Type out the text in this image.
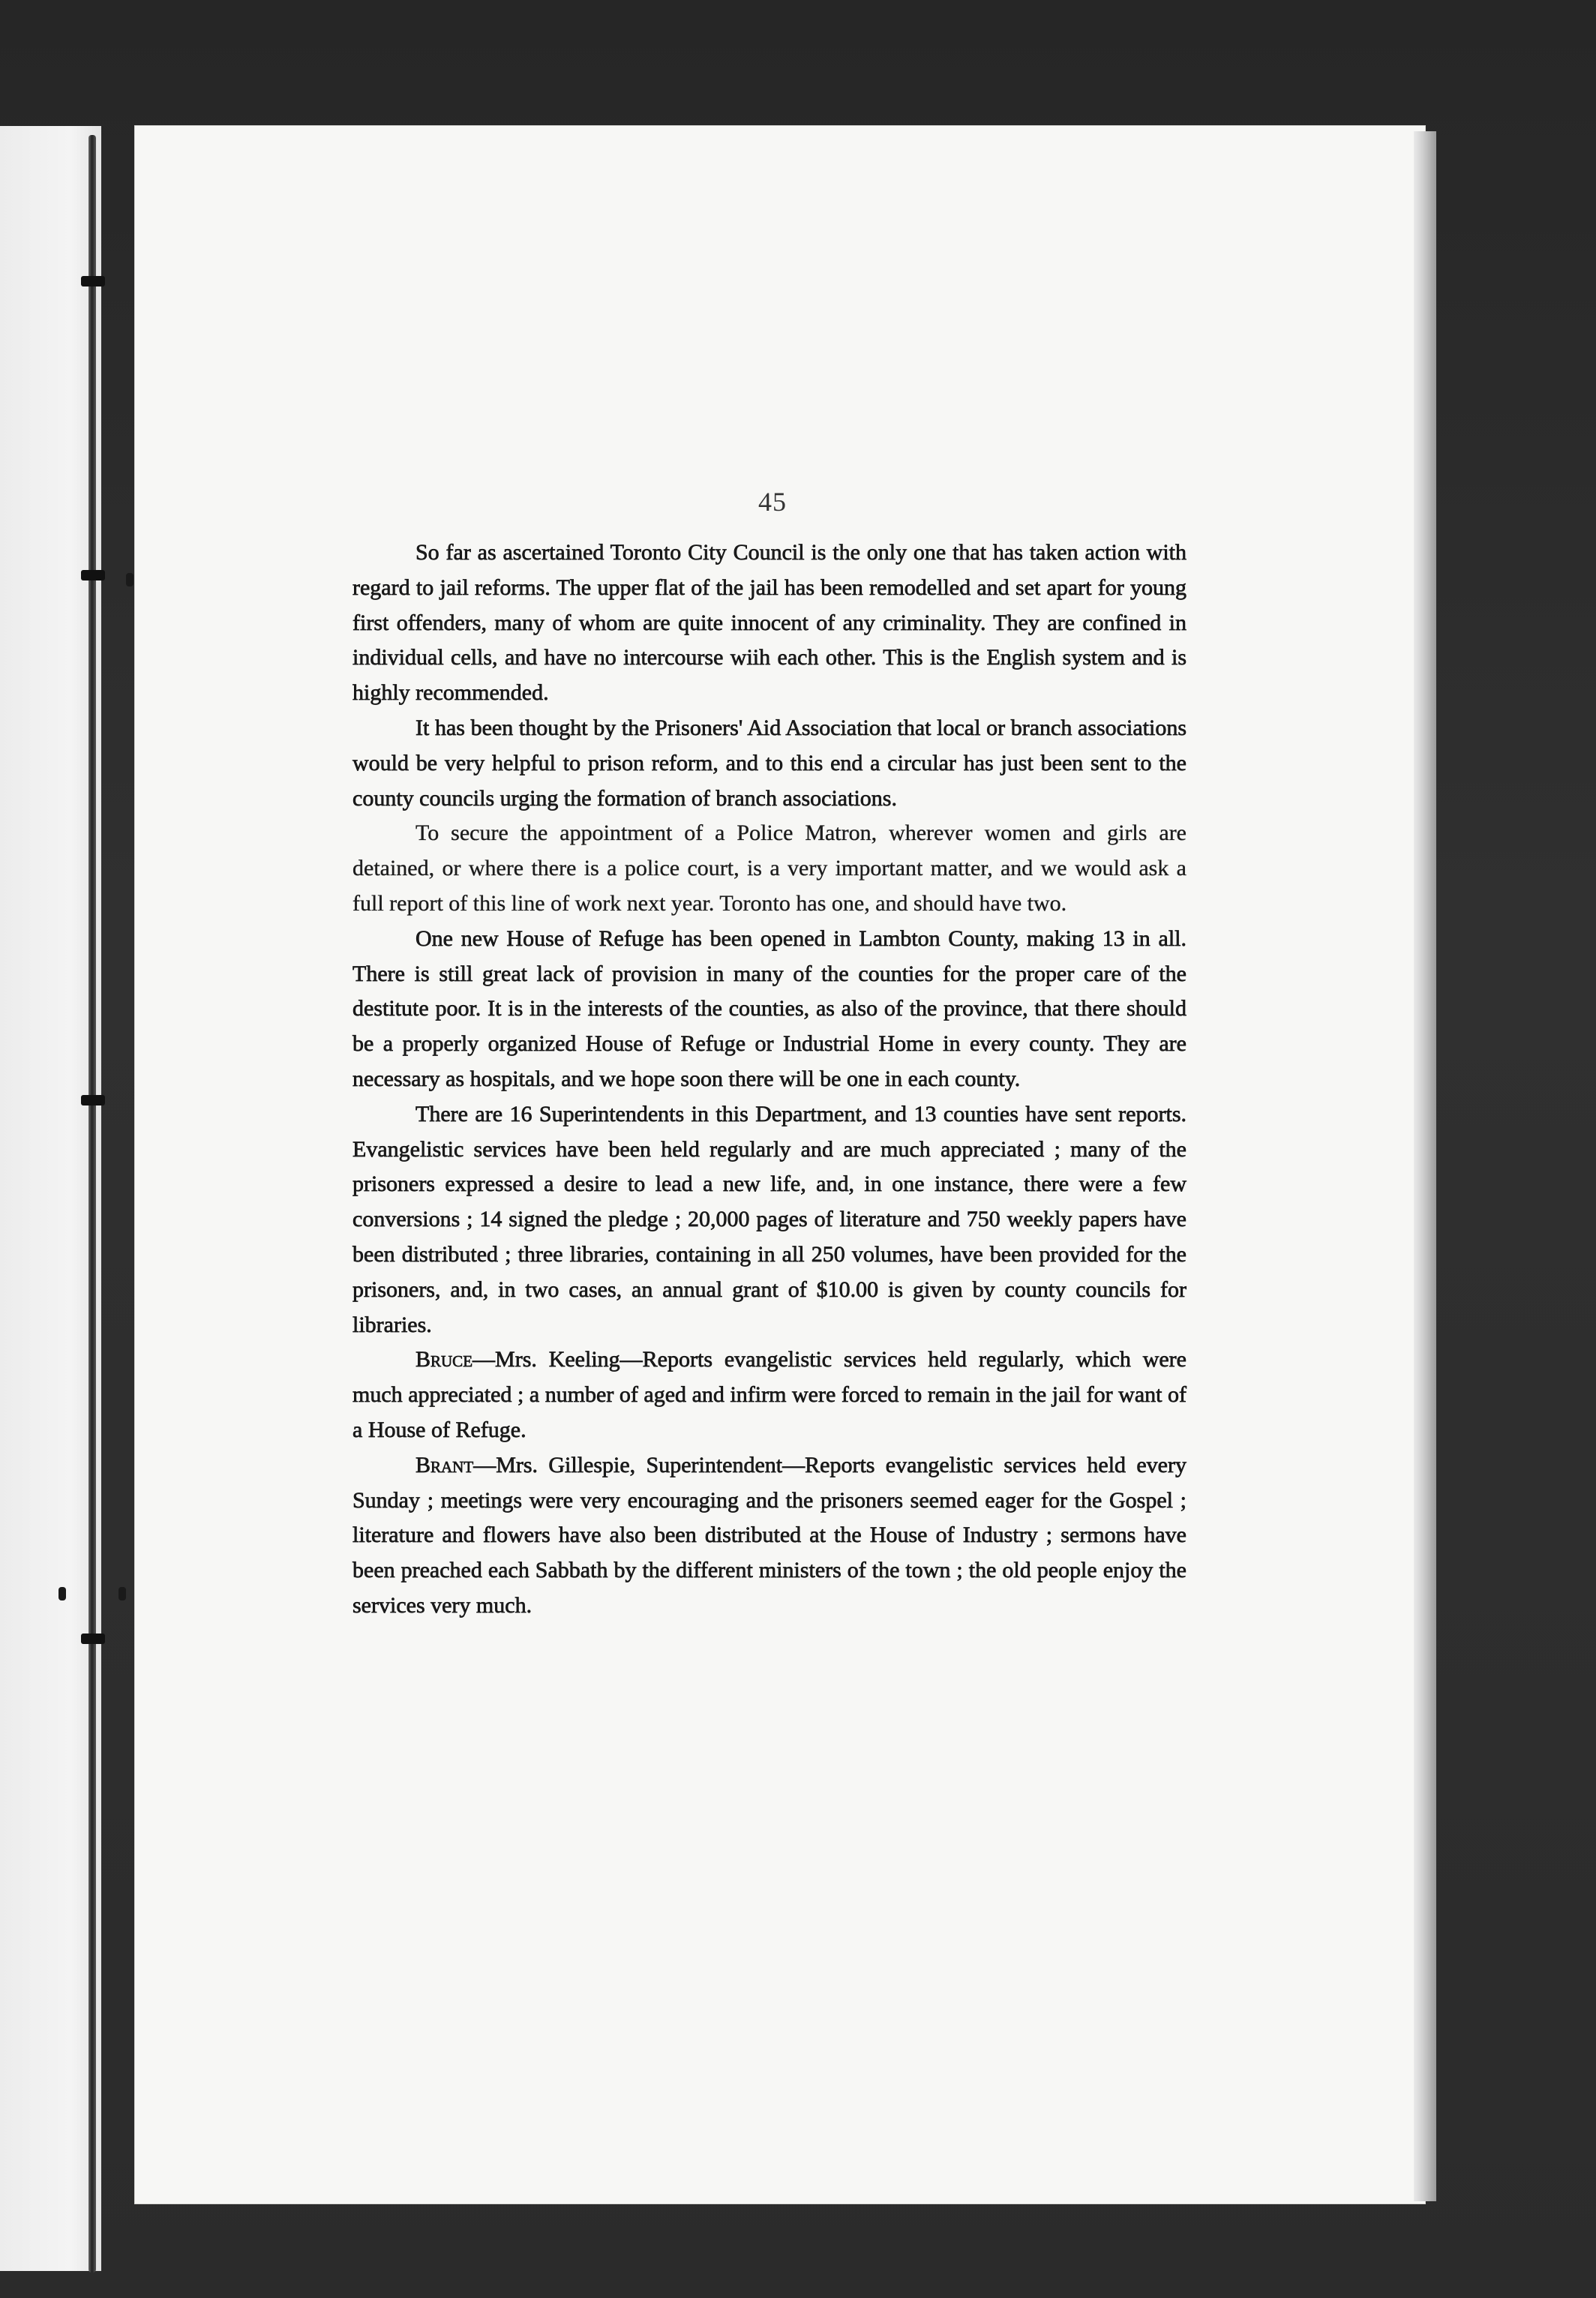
45

So far as ascertained Toronto City Council is the only one that has taken action with regard to jail reforms. The upper flat of the jail has been remodelled and set apart for young first offenders, many of whom are quite innocent of any criminality. They are confined in individual cells, and have no intercourse wiih each other. This is the English system and is highly recommended.

It has been thought by the Prisoners' Aid Association that local or branch associations would be very helpful to prison reform, and to this end a circular has just been sent to the county councils urging the formation of branch associations.

To secure the appointment of a Police Matron, wherever women and girls are detained, or where there is a police court, is a very important matter, and we would ask a full report of this line of work next year. Toronto has one, and should have two.

One new House of Refuge has been opened in Lambton County, making 13 in all. There is still great lack of provision in many of the counties for the proper care of the destitute poor. It is in the interests of the counties, as also of the province, that there should be a properly organized House of Refuge or Industrial Home in every county. They are necessary as hospitals, and we hope soon there will be one in each county.

There are 16 Superintendents in this Department, and 13 counties have sent reports. Evangelistic services have been held regularly and are much appreciated ; many of the prisoners expressed a desire to lead a new life, and, in one instance, there were a few conversions ; 14 signed the pledge ; 20,000 pages of literature and 750 weekly papers have been distributed ; three libraries, containing in all 250 volumes, have been provided for the prisoners, and, in two cases, an annual grant of $10.00 is given by county councils for libraries.

Bruce—Mrs. Keeling—Reports evangelistic services held regularly, which were much appreciated ; a number of aged and infirm were forced to remain in the jail for want of a House of Refuge.

Brant—Mrs. Gillespie, Superintendent—Reports evangelistic services held every Sunday ; meetings were very encouraging and the prisoners seemed eager for the Gospel ; literature and flowers have also been distributed at the House of Industry ; sermons have been preached each Sabbath by the different ministers of the town ; the old people enjoy the services very much.
